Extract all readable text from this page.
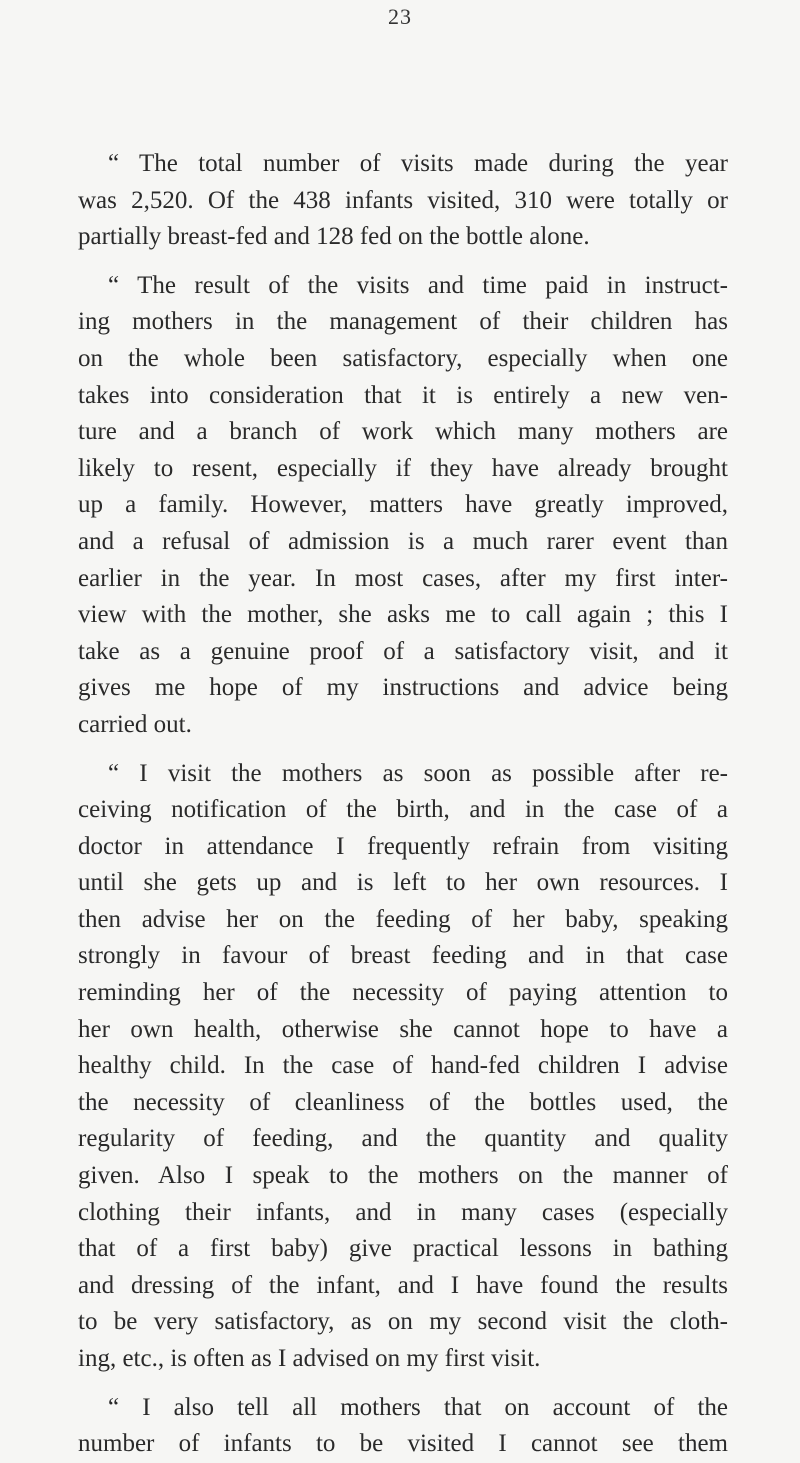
23
“ The total number of visits made during the year
was 2,520. Of the 438 infants visited, 310 were totally or
partially breast-fed and 128 fed on the bottle alone.
“ The result of the visits and time paid in instruct-
ing mothers in the management of their children has
on the whole been satisfactory, especially when one
takes into consideration that it is entirely a new ven-
ture and a branch of work which many mothers are
likely to resent, especially if they have already brought
up a family. However, matters have greatly improved,
and a refusal of admission is a much rarer event than
earlier in the year. In most cases, after my first inter-
view with the mother, she asks me to call again ; this I
take as a genuine proof of a satisfactory visit, and it
gives me hope of my instructions and advice being
carried out.
“ I visit the mothers as soon as possible after re-
ceiving notification of the birth, and in the case of a
doctor in attendance I frequently refrain from visiting
until she gets up and is left to her own resources. I
then advise her on the feeding of her baby, speaking
strongly in favour of breast feeding and in that case
reminding her of the necessity of paying attention to
her own health, otherwise she cannot hope to have a
healthy child. In the case of hand-fed children I advise
the necessity of cleanliness of the bottles used, the
regularity of feeding, and the quantity and quality
given. Also I speak to the mothers on the manner of
clothing their infants, and in many cases (especially
that of a first baby) give practical lessons in bathing
and dressing of the infant, and I have found the results
to be very satisfactory, as on my second visit the cloth-
ing, etc., is often as I advised on my first visit.
“ I also tell all mothers that on account of the
number of infants to be visited I cannot see them
